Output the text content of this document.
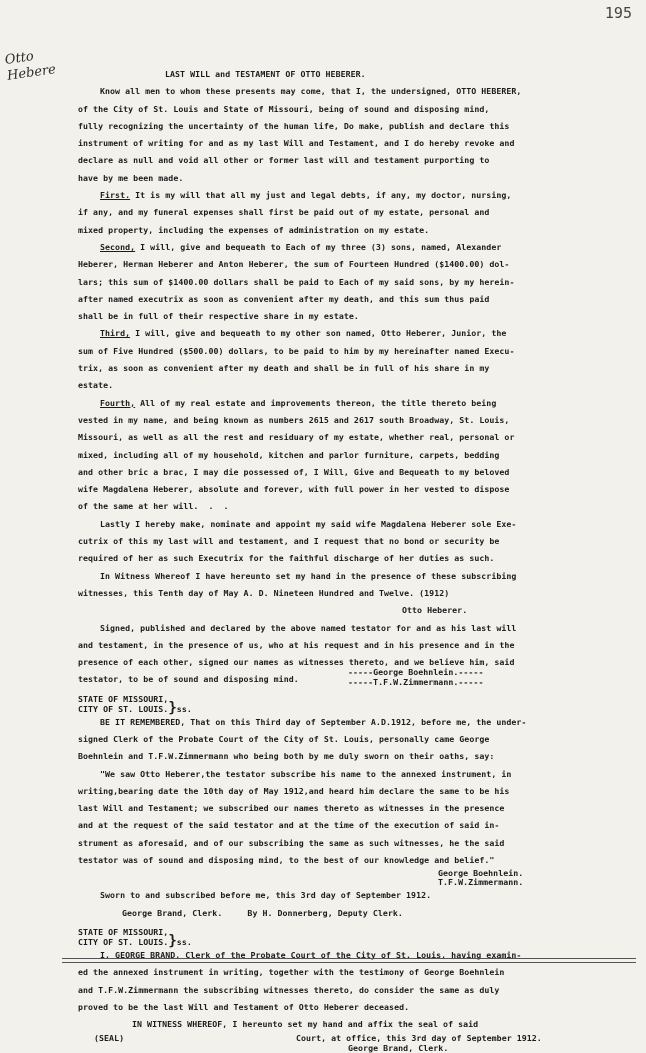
195
Otto Hebere	LAST WILL and TESTAMENT OF OTTO HEBERER.
Know all men to whom these presents may come, that I, the undersigned, OTTO HEBERER,
of the City of St. Louis and State of Missouri, being of sound and disposing mind,
fully recognizing the uncertainty of the human life, Do make, publish and declare this
instrument of writing for and as my last Will and Testament, and I do hereby revoke and
declare as null and void all other or former last will and testament purporting to
have by me been made.
First. It is my will that all my just and legal debts, if any, my doctor, nursing,
if any, and my funeral expenses shall first be paid out of my estate, personal and
mixed property, including the expenses of administration on my estate.
Second, I will, give and bequeath to Each of my three (3) sons, named, Alexander
Heberer, Herman Heberer and Anton Heberer, the sum of Fourteen Hundred ($1400.00) dol-
lars; this sum of $1400.00 dollars shall be paid to Each of my said sons, by my herein-
after named executrix as soon as convenient after my death, and this sum thus paid
shall be in full of their respective share in my estate.
Third, I will, give and bequeath to my other son named, Otto Heberer, Junior, the
sum of Five Hundred ($500.00) dollars, to be paid to him by my hereinafter named Execu-
trix, as soon as convenient after my death and shall be in full of his share in my
estate.
Fourth, All of my real estate and improvements thereon, the title thereto being
vested in my name, and being known as numbers 2615 and 2617 south Broadway, St. Louis,
Missouri, as well as all the rest and residuary of my estate, whether real, personal or
mixed, including all of my household, kitchen and parlor furniture, carpets, bedding
and other bric a brac, I may die possessed of, I Will, Give and Bequeath to my beloved
wife Magdalena Heberer, absolute and forever, with full power in her vested to dispose
of the same at her will.  .  .
Lastly I hereby make, nominate and appoint my said wife Magdalena Heberer sole Exe-
cutrix of this my last will and testament, and I request that no bond or security be
required of her as such Executrix for the faithful discharge of her duties as such.
In Witness Whereof I have hereunto set my hand in the presence of these subscribing
witnesses, this Tenth day of May A. D. Nineteen Hundred and Twelve. (1912)
Otto Heberer.
Signed, published and declared by the above named testator for and as his last will
and testament, in the presence of us, who at his request and in his presence and in the
presence of each other, signed our names as witnesses thereto, and we believe him, said
testator, to be of sound and disposing mind.
-----George Boehnlein.-----
-----T.F.W.Zimmermann.-----
STATE OF MISSOURI,
CITY OF ST. LOUIS.}ss.
BE IT REMEMBERED, That on this Third day of September A.D.1912, before me, the under-
signed Clerk of the Probate Court of the City of St. Louis, personally came George
Boehnlein and T.F.W.Zimmermann who being both by me duly sworn on their oaths, say:
"We saw Otto Heberer,the testator subscribe his name to the annexed instrument, in
writing,bearing date the 10th day of May 1912,and heard him declare the same to be his
last Will and Testament; we subscribed our names thereto as witnesses in the presence
and at the request of the said testator and at the time of the execution of said in-
strument as aforesaid, and of our subscribing the same as such witnesses, he the said
testator was of sound and disposing mind, to the best of our knowledge and belief."
George Boehnlein.
T.F.W.Zimmermann.
Sworn to and subscribed before me, this 3rd day of September 1912.
George Brand, Clerk.     By H. Donnerberg, Deputy Clerk.
STATE OF MISSOURI,
CITY OF ST. LOUIS.}ss.
I, GEORGE BRAND, Clerk of the Probate Court of the City of St. Louis, having examin-
ed the annexed instrument in writing, together with the testimony of George Boehnlein
and T.F.W.Zimmermann the subscribing witnesses thereto, do consider the same as duly
proved to be the last Will and Testament of Otto Heberer deceased.
IN WITNESS WHEREOF, I hereunto set my hand and affix the seal of said
(SEAL)	Court, at office, this 3rd day of September 1912.
George Brand, Clerk.
